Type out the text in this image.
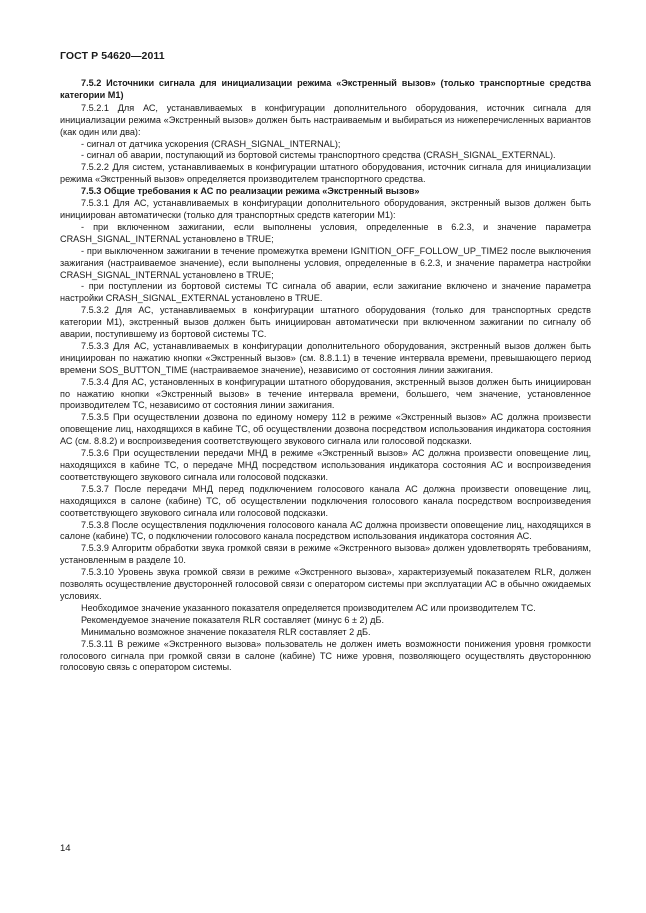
ГОСТ Р 54620—2011

7.5.2 Источники сигнала для инициализации режима «Экстренный вызов» (только транспортные средства категории М1)

7.5.2.1 Для АС, устанавливаемых в конфигурации дополнительного оборудования, источник сигнала для инициализации режима «Экстренный вызов» должен быть настраиваемым и выбираться из нижеперечисленных вариантов (как один или два):

- сигнал от датчика ускорения (CRASH_SIGNAL_INTERNAL);

- сигнал об аварии, поступающий из бортовой системы транспортного средства (CRASH_SIGNAL_EXTERNAL).

7.5.2.2 Для систем, устанавливаемых в конфигурации штатного оборудования, источник сигнала для инициализации режима «Экстренный вызов» определяется производителем транспортного средства.

7.5.3 Общие требования к АС по реализации режима «Экстренный вызов»

7.5.3.1 Для АС, устанавливаемых в конфигурации дополнительного оборудования, экстренный вызов должен быть инициирован автоматически (только для транспортных средств категории М1):

- при включенном зажигании, если выполнены условия, определенные в 6.2.3, и значение параметра CRASH_SIGNAL_INTERNAL установлено в TRUE;

- при выключенном зажигании в течение промежутка времени IGNITION_OFF_FOLLOW_UP_TIME2 после выключения зажигания (настраиваемое значение), если выполнены условия, определенные в 6.2.3, и значение параметра настройки CRASH_SIGNAL_INTERNAL установлено в TRUE;

- при поступлении из бортовой системы ТС сигнала об аварии, если зажигание включено и значение параметра настройки CRASH_SIGNAL_EXTERNAL установлено в TRUE.

7.5.3.2 Для АС, устанавливаемых в конфигурации штатного оборудования (только для транспортных средств категории М1), экстренный вызов должен быть инициирован автоматически при включенном зажигании по сигналу об аварии, поступившему из бортовой системы ТС.

7.5.3.3 Для АС, устанавливаемых в конфигурации дополнительного оборудования, экстренный вызов должен быть инициирован по нажатию кнопки «Экстренный вызов» (см. 8.8.1.1) в течение интервала времени, превышающего период времени SOS_BUTTON_TIME (настраиваемое значение), независимо от состояния линии зажигания.

7.5.3.4 Для АС, установленных в конфигурации штатного оборудования, экстренный вызов должен быть инициирован по нажатию кнопки «Экстренный вызов» в течение интервала времени, большего, чем значение, установленное производителем ТС, независимо от состояния линии зажигания.

7.5.3.5 При осуществлении дозвона по единому номеру 112 в режиме «Экстренный вызов» АС должна произвести оповещение лиц, находящихся в кабине ТС, об осуществлении дозвона посредством использования индикатора состояния АС (см. 8.8.2) и воспроизведения соответствующего звукового сигнала или голосовой подсказки.

7.5.3.6 При осуществлении передачи МНД в режиме «Экстренный вызов» АС должна произвести оповещение лиц, находящихся в кабине ТС, о передаче МНД посредством использования индикатора состояния АС и воспроизведения соответствующего звукового сигнала или голосовой подсказки.

7.5.3.7 После передачи МНД перед подключением голосового канала АС должна произвести оповещение лиц, находящихся в салоне (кабине) ТС, об осуществлении подключения голосового канала посредством воспроизведения соответствующего звукового сигнала или голосовой подсказки.

7.5.3.8 После осуществления подключения голосового канала АС должна произвести оповещение лиц, находящихся в салоне (кабине) ТС, о подключении голосового канала посредством использования индикатора состояния АС.

7.5.3.9 Алгоритм обработки звука громкой связи в режиме «Экстренного вызова» должен удовлетворять требованиям, установленным в разделе 10.

7.5.3.10 Уровень звука громкой связи в режиме «Экстренного вызова», характеризуемый показателем RLR, должен позволять осуществление двусторонней голосовой связи с оператором системы при эксплуатации АС в обычно ожидаемых условиях.

Необходимое значение указанного показателя определяется производителем АС или производителем ТС.

Рекомендуемое значение показателя RLR составляет (минус 6 ± 2) дБ.

Минимально возможное значение показателя RLR составляет 2 дБ.

7.5.3.11 В режиме «Экстренного вызова» пользователь не должен иметь возможности понижения уровня громкости голосового сигнала при громкой связи в салоне (кабине) ТС ниже уровня, позволяющего осуществлять двустороннюю голосовую связь с оператором системы.

14
